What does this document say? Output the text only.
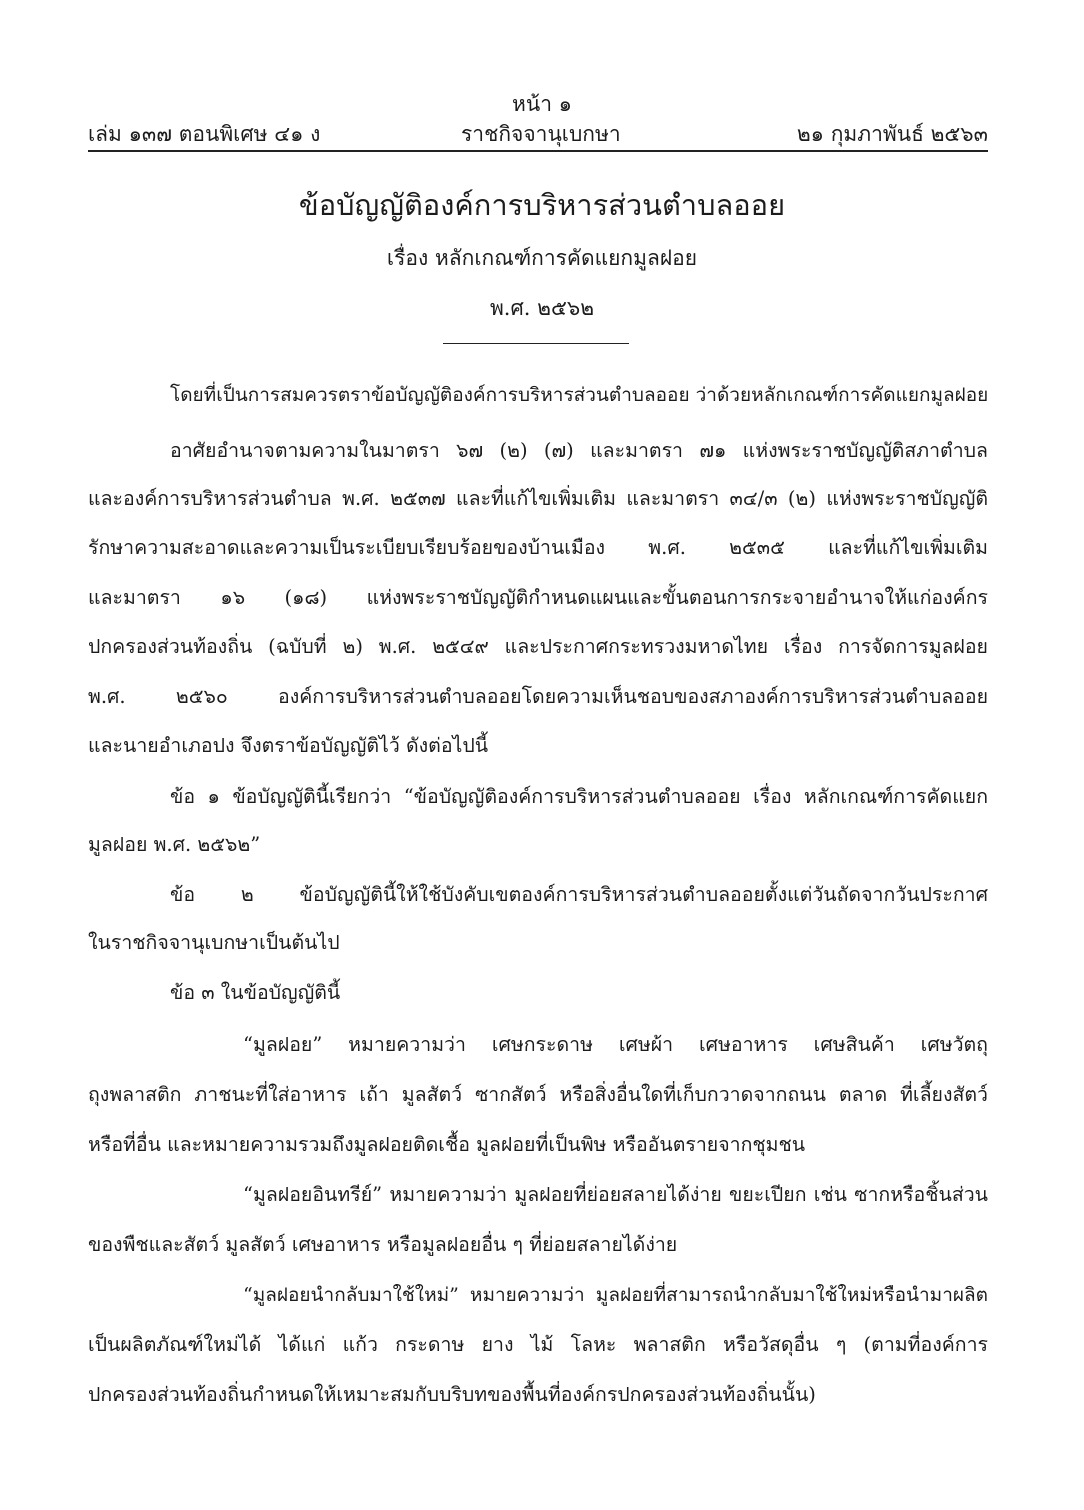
หน้า ๑
เล่ม ๑๓๗ ตอนพิเศษ ๔๑ ง	ราชกิจจานุเบกษา	๒๑ กุมภาพันธ์ ๒๕๖๓
ข้อบัญญัติองค์การบริหารส่วนตำบลออย
เรื่อง หลักเกณฑ์การคัดแยกมูลฝอย
พ.ศ. ๒๕๖๒
โดยที่เป็นการสมควรตราข้อบัญญัติองค์การบริหารส่วนตำบลออย ว่าด้วยหลักเกณฑ์การคัดแยกมูลฝอย
อาศัยอำนาจตามความในมาตรา ๖๗ (๒) (๗) และมาตรา ๗๑ แห่งพระราชบัญญัติสภาตำบล
และองค์การบริหารส่วนตำบล พ.ศ. ๒๕๓๗ และที่แก้ไขเพิ่มเติม และมาตรา ๓๔/๓ (๒) แห่งพระราชบัญญัติ
รักษาความสะอาดและความเป็นระเบียบเรียบร้อยของบ้านเมือง พ.ศ. ๒๕๓๕ และที่แก้ไขเพิ่มเติม
และมาตรา ๑๖ (๑๘) แห่งพระราชบัญญัติกำหนดแผนและขั้นตอนการกระจายอำนาจให้แก่องค์กร
ปกครองส่วนท้องถิ่น (ฉบับที่ ๒) พ.ศ. ๒๕๔๙ และประกาศกระทรวงมหาดไทย เรื่อง การจัดการมูลฝอย
พ.ศ. ๒๕๖๐ องค์การบริหารส่วนตำบลออยโดยความเห็นชอบของสภาองค์การบริหารส่วนตำบลออย
และนายอำเภอปง จึงตราข้อบัญญัติไว้ ดังต่อไปนี้
ข้อ ๑ ข้อบัญญัตินี้เรียกว่า “ข้อบัญญัติองค์การบริหารส่วนตำบลออย เรื่อง หลักเกณฑ์การคัดแยก
มูลฝอย พ.ศ. ๒๕๖๒”
ข้อ ๒ ข้อบัญญัตินี้ให้ใช้บังคับเขตองค์การบริหารส่วนตำบลออยตั้งแต่วันถัดจากวันประกาศ
ในราชกิจจานุเบกษาเป็นต้นไป
ข้อ ๓ ในข้อบัญญัตินี้
“มูลฝอย” หมายความว่า เศษกระดาษ เศษผ้า เศษอาหาร เศษสินค้า เศษวัตถุ
ถุงพลาสติก ภาชนะที่ใส่อาหาร เถ้า มูลสัตว์ ซากสัตว์ หรือสิ่งอื่นใดที่เก็บกวาดจากถนน ตลาด ที่เลี้ยงสัตว์
หรือที่อื่น และหมายความรวมถึงมูลฝอยติดเชื้อ มูลฝอยที่เป็นพิษ หรืออันตรายจากชุมชน
“มูลฝอยอินทรีย์” หมายความว่า มูลฝอยที่ย่อยสลายได้ง่าย ขยะเปียก เช่น ซากหรือชิ้นส่วน
ของพืชและสัตว์ มูลสัตว์ เศษอาหาร หรือมูลฝอยอื่น ๆ ที่ย่อยสลายได้ง่าย
“มูลฝอยนำกลับมาใช้ใหม่” หมายความว่า มูลฝอยที่สามารถนำกลับมาใช้ใหม่หรือนำมาผลิต
เป็นผลิตภัณฑ์ใหม่ได้ ได้แก่ แก้ว กระดาษ ยาง ไม้ โลหะ พลาสติก หรือวัสดุอื่น ๆ (ตามที่องค์การ
ปกครองส่วนท้องถิ่นกำหนดให้เหมาะสมกับบริบทของพื้นที่องค์กรปกครองส่วนท้องถิ่นนั้น)
